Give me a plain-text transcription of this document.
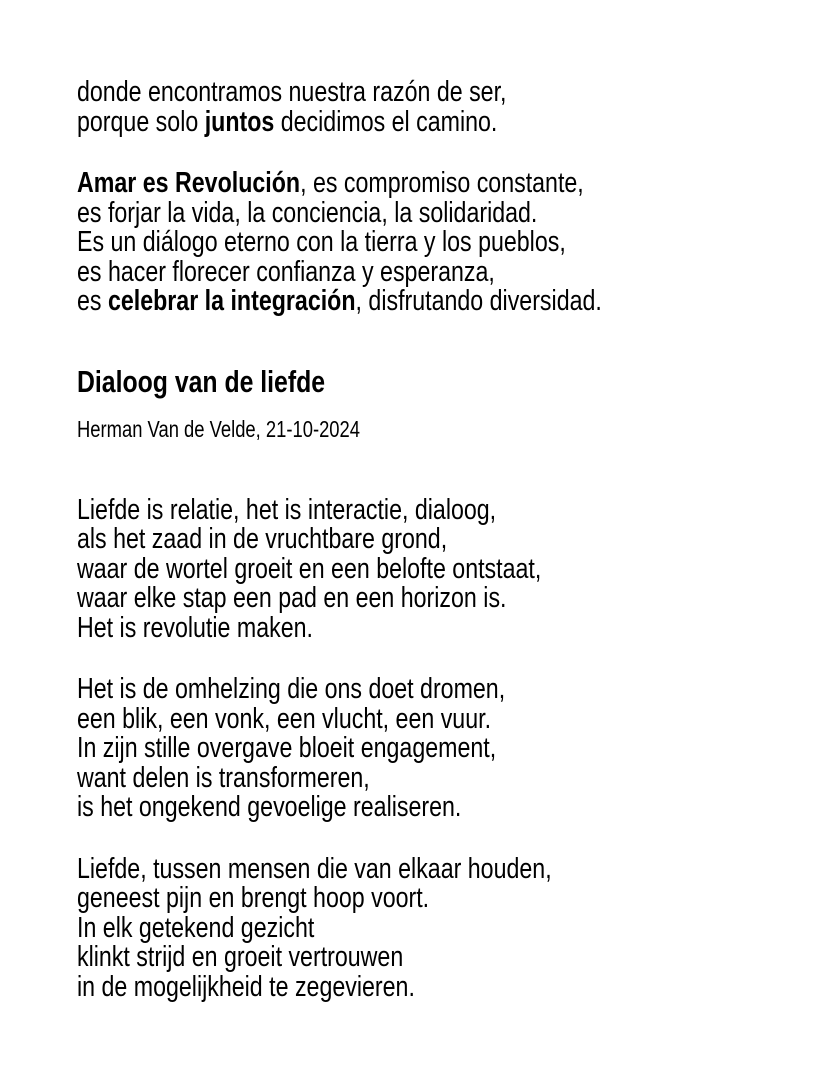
donde encontramos nuestra razón de ser,
porque solo juntos decidimos el camino.

Amar es Revolución, es compromiso constante,
es forjar la vida, la conciencia, la solidaridad.
Es un diálogo eterno con la tierra y los pueblos,
es hacer florecer confianza y esperanza,
es celebrar la integración, disfrutando diversidad.

Dialoog van de liefde
Herman Van de Velde, 21-10-2024

Liefde is relatie, het is interactie, dialoog,
als het zaad in de vruchtbare grond,
waar de wortel groeit en een belofte ontstaat,
waar elke stap een pad en een horizon is.
Het is revolutie maken.

Het is de omhelzing die ons doet dromen,
een blik, een vonk, een vlucht, een vuur.
In zijn stille overgave bloeit engagement,
want delen is transformeren,
is het ongekend gevoelige realiseren.

Liefde, tussen mensen die van elkaar houden,
geneest pijn en brengt hoop voort.
In elk getekend gezicht
klinkt strijd en groeit vertrouwen
in de mogelijkheid te zegevieren.
